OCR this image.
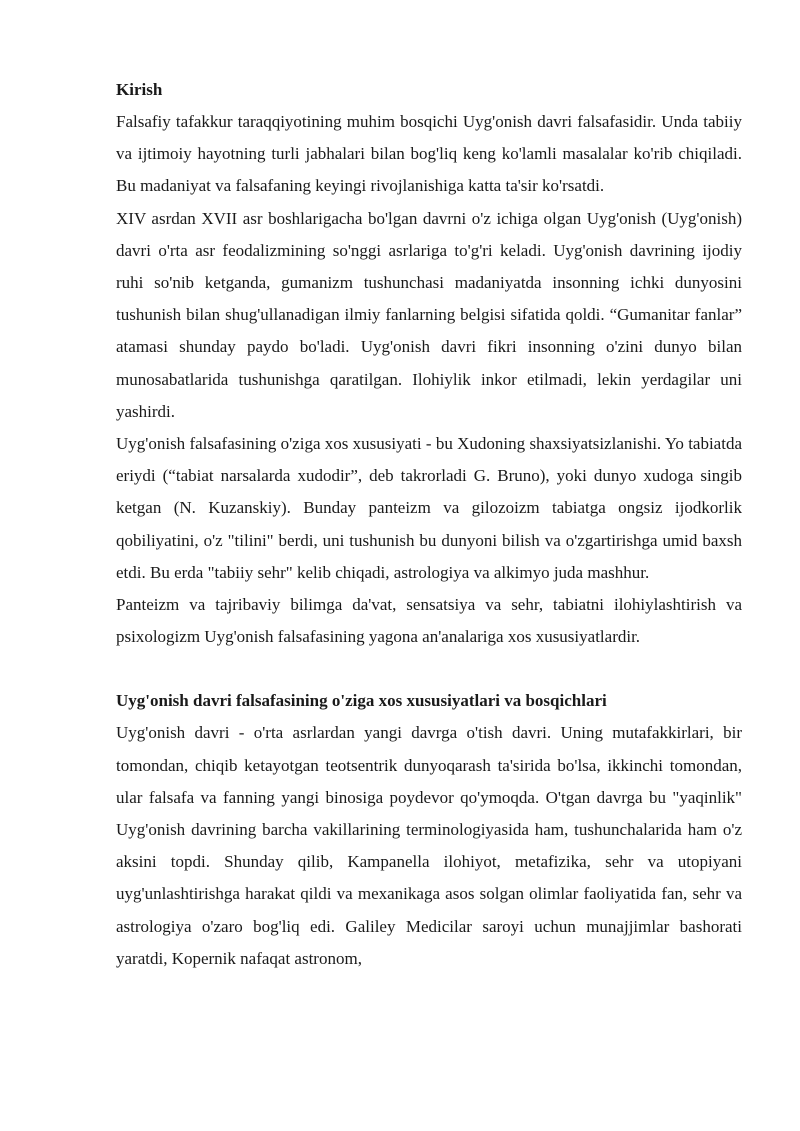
Kirish

Falsafiy tafakkur taraqqiyotining muhim bosqichi Uyg'onish davri falsafasidir. Unda tabiiy va ijtimoiy hayotning turli jabhalari bilan bog'liq keng ko'lamli masalalar ko'rib chiqiladi. Bu madaniyat va falsafaning keyingi rivojlanishiga katta ta'sir ko'rsatdi.

XIV asrdan XVII asr boshlarigacha bo'lgan davrni o'z ichiga olgan Uyg'onish (Uyg'onish) davri o'rta asr feodalizmining so'nggi asrlariga to'g'ri keladi. Uyg'onish davrining ijodiy ruhi so'nib ketganda, gumanizm tushunchasi madaniyatda insonning ichki dunyosini tushunish bilan shug'ullanadigan ilmiy fanlarning belgisi sifatida qoldi. “Gumanitar fanlar” atamasi shunday paydo bo'ladi. Uyg'onish davri fikri insonning o'zini dunyo bilan munosabatlarida tushunishga qaratilgan. Ilohiylik inkor etilmadi, lekin yerdagilar uni yashirdi.

Uyg'onish falsafasining o'ziga xos xususiyati - bu Xudoning shaxsiyatsizlanishi. Yo tabiatda eriydi (“tabiat narsalarda xudodir”, deb takrorladi G. Bruno), yoki dunyo xudoga singib ketgan (N. Kuzanskiy). Bunday panteizm va gilozoizm tabiatga ongsiz ijodkorlik qobiliyatini, o'z "tilini" berdi, uni tushunish bu dunyoni bilish va o'zgartirishga umid baxsh etdi. Bu erda "tabiiy sehr" kelib chiqadi, astrologiya va alkimyo juda mashhur.

Panteizm va tajribaviy bilimga da'vat, sensatsiya va sehr, tabiatni ilohiylashtirish va psixologizm Uyg'onish falsafasining yagona an'analariga xos xususiyatlardir.

Uyg'onish davri falsafasining o'ziga xos xususiyatlari va bosqichlari

Uyg'onish davri - o'rta asrlardan yangi davrga o'tish davri. Uning mutafakkirlari, bir tomondan, chiqib ketayotgan teotsentrik dunyoqarash ta'sirida bo'lsa, ikkinchi tomondan, ular falsafa va fanning yangi binosiga poydevor qo'ymoqda. O'tgan davrga bu "yaqinlik" Uyg'onish davrining barcha vakillarining terminologiyasida ham, tushunchalarida ham o'z aksini topdi. Shunday qilib, Kampanella ilohiyot, metafizika, sehr va utopiyani uyg'unlashtirishga harakat qildi va mexanikaga asos solgan olimlar faoliyatida fan, sehr va astrologiya o'zaro bog'liq edi. Galiley Medicilar saroyi uchun munajjimlar bashorati yaratdi, Kopernik nafaqat astronom,
